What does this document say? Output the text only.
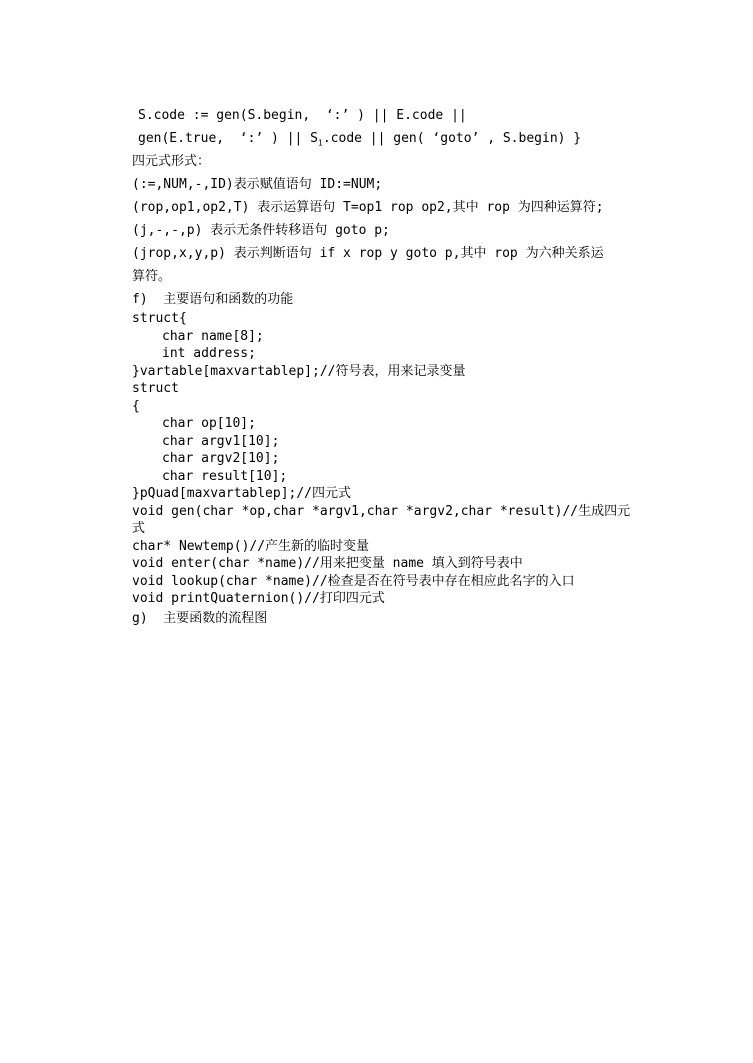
S.code := gen(S.begin,  ‘:’ ) || E.code ||
gen(E.true,  ‘:’ ) || $S_1.code$ || gen( ‘goto’ , S.begin) }
四元式形式：
(:=,NUM,-,ID)表示赋值语句 ID:=NUM;
(rop,op1,op2,T) 表示运算语句 T=op1 rop op2,其中 rop 为四种运算符;
(j,-,-,p) 表示无条件转移语句 goto p;
(jrop,x,y,p) 表示判断语句 if x rop y goto p,其中 rop 为六种关系运
算符。
f)  主要语句和函数的功能
struct{
char name[8];
int address;
}vartable[maxvartablep];//符号表，用来记录变量
struct
{
char op[10];
char argv1[10];
char argv2[10];
char result[10];
}pQuad[maxvartablep];//四元式
void gen(char *op,char *argv1,char *argv2,char *result)//生成四元
式
char* Newtemp()//产生新的临时变量
void enter(char *name)//用来把变量 name 填入到符号表中
void lookup(char *name)//检查是否在符号表中存在相应此名字的入口
void printQuaternion()//打印四元式
g)  主要函数的流程图
